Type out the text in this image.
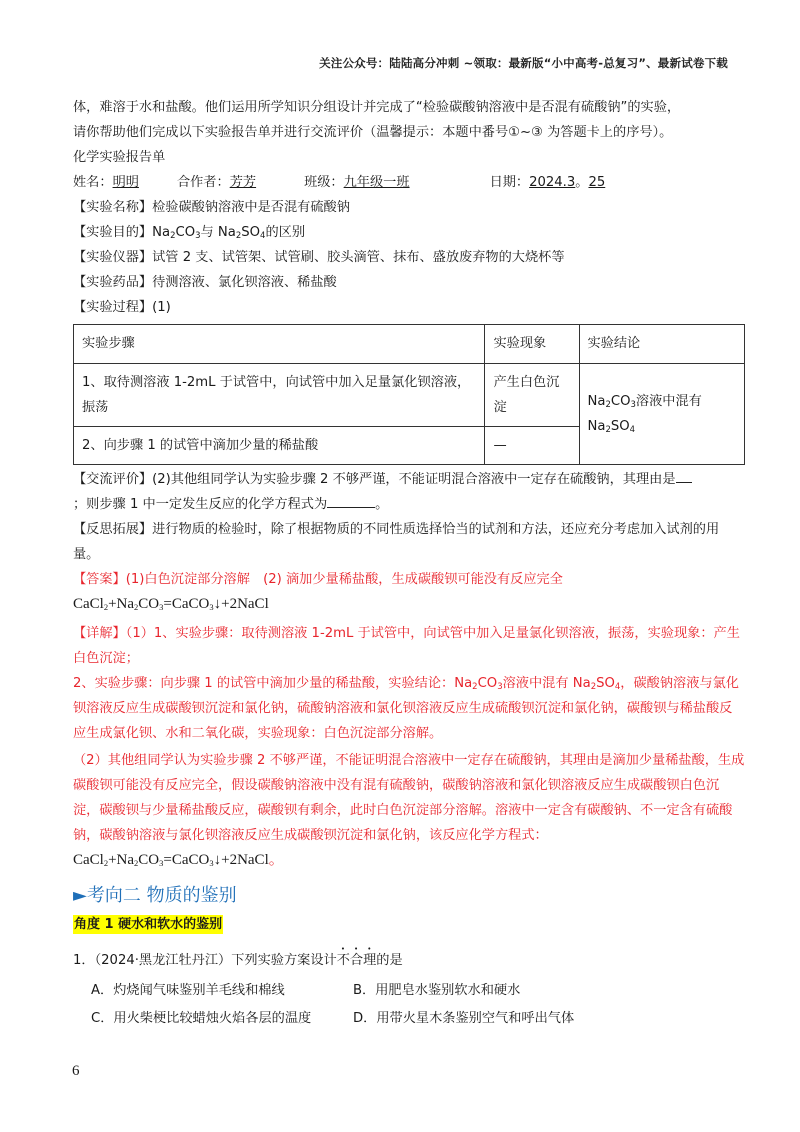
关注公众号：陆陆高分冲刺 ~领取：最新版“小中高考-总复习”、最新试卷下载
体，难溶于水和盐酸。他们运用所学知识分组设计并完成了“检验碳酸钠溶液中是否混有硫酸钠”的实验，
请你帮助他们完成以下实验报告单并进行交流评价（温馨提示：本题中番号①~③ 为答题卡上的序号）。
化学实验报告单
姓名：明明	合作者：芳芳	班级：九年级一班	日期：2024.3。25
【实验名称】检验碳酸钠溶液中是否混有硫酸钠
【实验目的】$Na_2CO_3$与 $Na_2SO_4$的区别
【实验仪器】试管 2 支、试管架、试管刷、胶头滴管、抹布、盛放废弃物的大烧杯等
【实验药品】待测溶液、氯化钡溶液、稀盐酸
【实验过程】(1)
实验步骤	实验现象	实验结论
1、取待测溶液 1-2mL 于试管中，向试管中加入足量氯化钡溶液，振荡	产生白色沉淀	$Na_2CO_3$溶液中混有
$Na_2SO_4$
2、向步骤 1 的试管中滴加少量的稀盐酸	—	
【交流评价】(2)其他组同学认为实验步骤 2 不够严谨，不能证明混合溶液中一定存在硫酸钠，其理由是
；则步骤 1 中一定发生反应的化学方程式为	。
【反思拓展】进行物质的检验时，除了根据物质的不同性质选择恰当的试剂和方法，还应充分考虑加入试剂的用量。
【答案】(1)白色沉淀部分溶解　(2) 滴加少量稀盐酸，生成碳酸钡可能没有反应完全
$CaCl_2+Na_2CO_3=CaCO_3↓+2NaCl$
【详解】（1）1、实验步骤：取待测溶液 1-2mL 于试管中，向试管中加入足量氯化钡溶液，振荡，实验现象：产生白色沉淀；
2、实验步骤：向步骤 1 的试管中滴加少量的稀盐酸，实验结论：$Na_2CO_3$溶液中混有 $Na_2SO_4$，碳酸钠溶液与氯化钡溶液反应生成碳酸钡沉淀和氯化钠，硫酸钠溶液和氯化钡溶液反应生成硫酸钡沉淀和氯化钠，碳酸钡与稀盐酸反应生成氯化钡、水和二氧化碳，实验现象：白色沉淀部分溶解。
（2）其他组同学认为实验步骤 2 不够严谨，不能证明混合溶液中一定存在硫酸钠，其理由是滴加少量稀盐酸，生成碳酸钡可能没有反应完全，假设碳酸钠溶液中没有混有硫酸钠，碳酸钠溶液和氯化钡溶液反应生成碳酸钡白色沉淀，碳酸钡与少量稀盐酸反应，碳酸钡有剩余，此时白色沉淀部分溶解。溶液中一定含有碳酸钠、不一定含有硫酸钠，碳酸钠溶液与氯化钡溶液反应生成碳酸钡沉淀和氯化钠，该反应化学方程式：
$CaCl_2+Na_2CO_3=CaCO_3↓+2NaCl$。
►考向二 物质的鉴别
角度 1 硬水和软水的鉴别
1．（2024·黑龙江牡丹江）下列实验方案设计不合理的是
A．灼烧闻气味鉴别羊毛线和棉线	B．用肥皂水鉴别软水和硬水
C．用火柴梗比较蜡烛火焰各层的温度	D．用带火星木条鉴别空气和呼出气体
6
